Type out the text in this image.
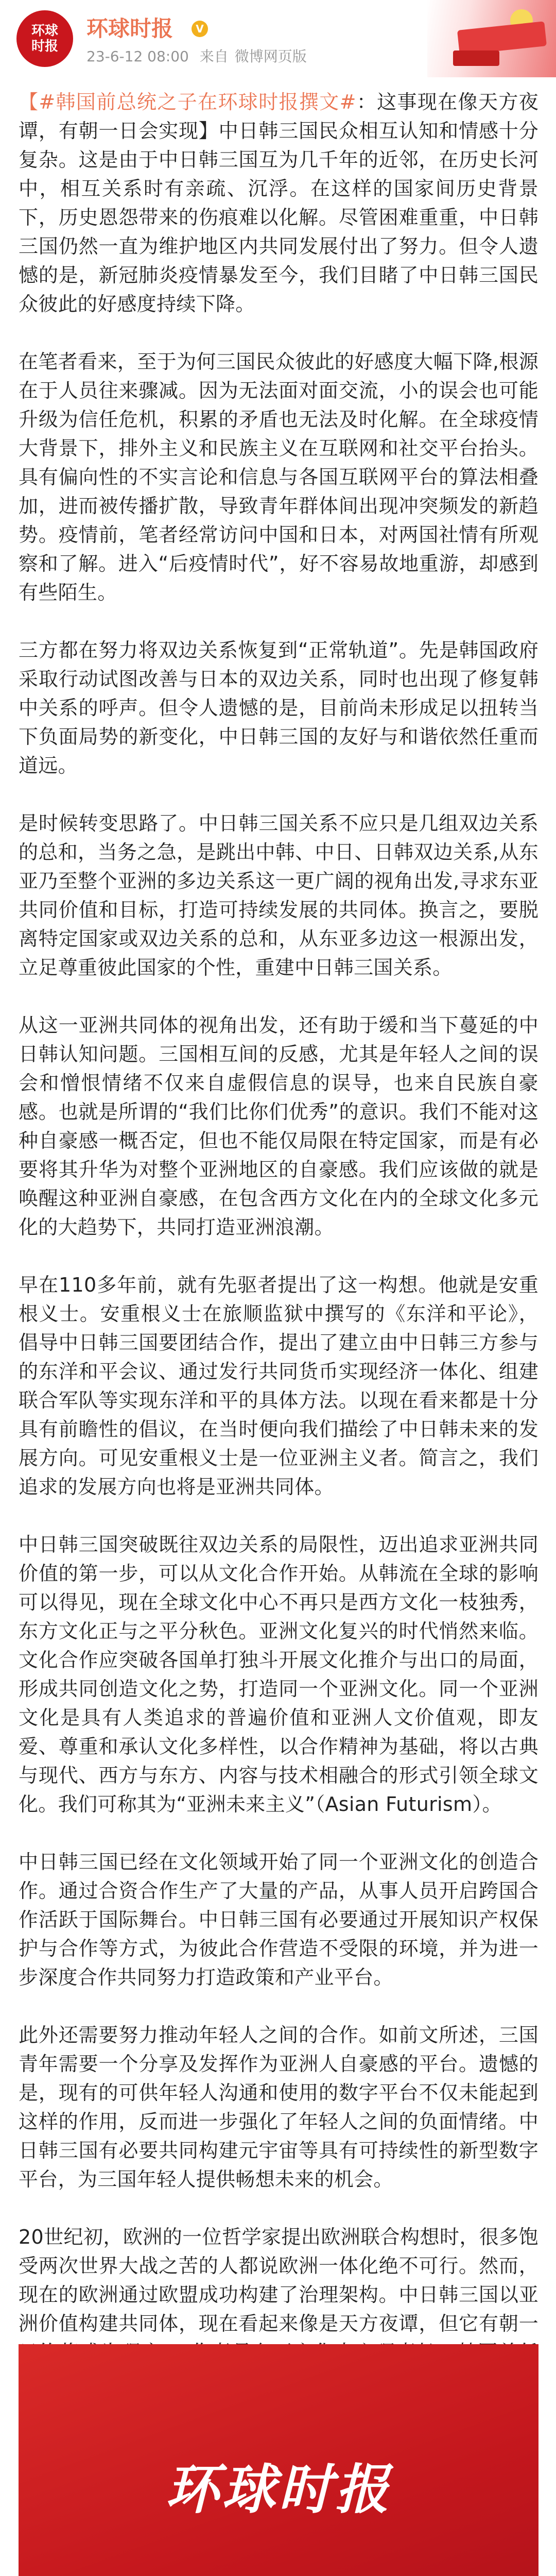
环球时报
环球时报	V
23-6-12 08:00 来自 微博网页版

【#韩国前总统之子在环球时报撰文#：这事现在像天方夜谭，有朝一日会实现】中日韩三国民众相互认知和情感十分复杂。这是由于中日韩三国互为几千年的近邻，在历史长河中，相互关系时有亲疏、沉浮。在这样的国家间历史背景下，历史恩怨带来的伤痕难以化解。尽管困难重重，中日韩三国仍然一直为维护地区内共同发展付出了努力。但令人遗憾的是，新冠肺炎疫情暴发至今，我们目睹了中日韩三国民众彼此的好感度持续下降。

在笔者看来，至于为何三国民众彼此的好感度大幅下降,根源在于人员往来骤减。因为无法面对面交流，小的误会也可能升级为信任危机，积累的矛盾也无法及时化解。在全球疫情大背景下，排外主义和民族主义在互联网和社交平台抬头。具有偏向性的不实言论和信息与各国互联网平台的算法相叠加，进而被传播扩散，导致青年群体间出现冲突频发的新趋势。疫情前，笔者经常访问中国和日本，对两国社情有所观察和了解。进入“后疫情时代”，好不容易故地重游，却感到有些陌生。

三方都在努力将双边关系恢复到“正常轨道”。先是韩国政府采取行动试图改善与日本的双边关系，同时也出现了修复韩中关系的呼声。但令人遗憾的是，目前尚未形成足以扭转当下负面局势的新变化，中日韩三国的友好与和谐依然任重而道远。

是时候转变思路了。中日韩三国关系不应只是几组双边关系的总和，当务之急，是跳出中韩、中日、日韩双边关系,从东亚乃至整个亚洲的多边关系这一更广阔的视角出发,寻求东亚共同价值和目标，打造可持续发展的共同体。换言之，要脱离特定国家或双边关系的总和，从东亚多边这一根源出发，立足尊重彼此国家的个性，重建中日韩三国关系。

从这一亚洲共同体的视角出发，还有助于缓和当下蔓延的中日韩认知问题。三国相互间的反感，尤其是年轻人之间的误会和憎恨情绪不仅来自虚假信息的误导，也来自民族自豪感。也就是所谓的“我们比你们优秀”的意识。我们不能对这种自豪感一概否定，但也不能仅局限在特定国家，而是有必要将其升华为对整个亚洲地区的自豪感。我们应该做的就是唤醒这种亚洲自豪感，在包含西方文化在内的全球文化多元化的大趋势下，共同打造亚洲浪潮。

早在110多年前，就有先驱者提出了这一构想。他就是安重根义士。安重根义士在旅顺监狱中撰写的《东洋和平论》，倡导中日韩三国要团结合作，提出了建立由中日韩三方参与的东洋和平会议、通过发行共同货币实现经济一体化、组建联合军队等实现东洋和平的具体方法。以现在看来都是十分具有前瞻性的倡议，在当时便向我们描绘了中日韩未来的发展方向。可见安重根义士是一位亚洲主义者。简言之，我们追求的发展方向也将是亚洲共同体。

中日韩三国突破既往双边关系的局限性，迈出追求亚洲共同价值的第一步，可以从文化合作开始。从韩流在全球的影响可以得见，现在全球文化中心不再只是西方文化一枝独秀，东方文化正与之平分秋色。亚洲文化复兴的时代悄然来临。文化合作应突破各国单打独斗开展文化推介与出口的局面，形成共同创造文化之势，打造同一个亚洲文化。同一个亚洲文化是具有人类追求的普遍价值和亚洲人文价值观，即友爱、尊重和承认文化多样性，以合作精神为基础，将以古典与现代、西方与东方、内容与技术相融合的形式引领全球文化。我们可称其为“亚洲未来主义”（Asian Futurism）。

中日韩三国已经在文化领域开始了同一个亚洲文化的创造合作。通过合资合作生产了大量的产品，从事人员开启跨国合作活跃于国际舞台。中日韩三国有必要通过开展知识产权保护与合作等方式，为彼此合作营造不受限的环境，并为进一步深度合作共同努力打造政策和产业平台。

此外还需要努力推动年轻人之间的合作。如前文所述，三国青年需要一个分享及发挥作为亚洲人自豪感的平台。遗憾的是，现有的可供年轻人沟通和使用的数字平台不仅未能起到这样的作用，反而进一步强化了年轻人之间的负面情绪。中日韩三国有必要共同构建元宇宙等具有可持续性的新型数字平台，为三国年轻人提供畅想未来的机会。

20世纪初，欧洲的一位哲学家提出欧洲联合构想时，很多饱受两次世界大战之苦的人都说欧洲一体化绝不可行。然而，现在的欧洲通过欧盟成功构建了治理架构。中日韩三国以亚洲价值构建共同体，现在看起来像是天方夜谭，但它有朝一

环球时报
